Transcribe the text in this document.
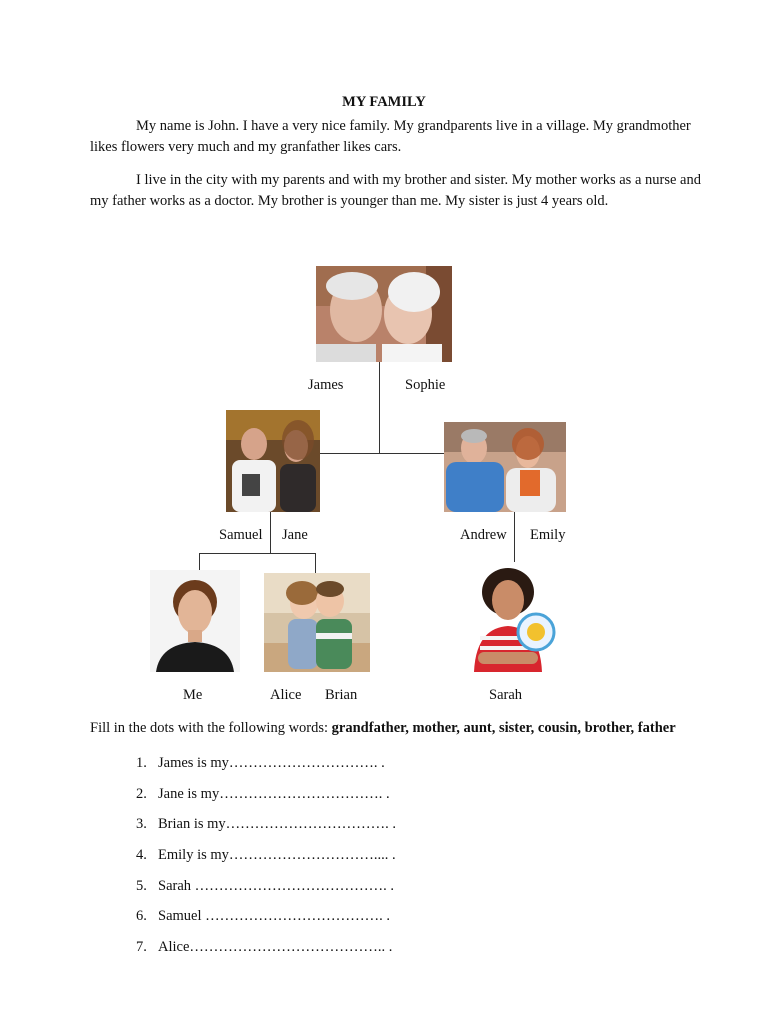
MY FAMILY

My name is John. I have a very nice family. My grandparents live in a village. My grandmother likes flowers very much and my granfather likes cars.

I live in the city with my parents and with my brother and sister. My mother works as a nurse and my father works as a doctor. My brother is younger than me. My sister is just 4 years old.

James	Sophie
Samuel Jane	Andrew Emily
Me	Alice Brian	Sarah
Fill in the dots with the following words: grandfather, mother, aunt, sister, cousin, brother, father
1. James is my…………………………. .
2. Jane is my……………………………. .
3. Brian is my……………………………. .
4. Emily is my………………………….... .
5. Sarah …………………………………. .
6. Samuel ………………………………. .
7. Alice………………………………….. .
